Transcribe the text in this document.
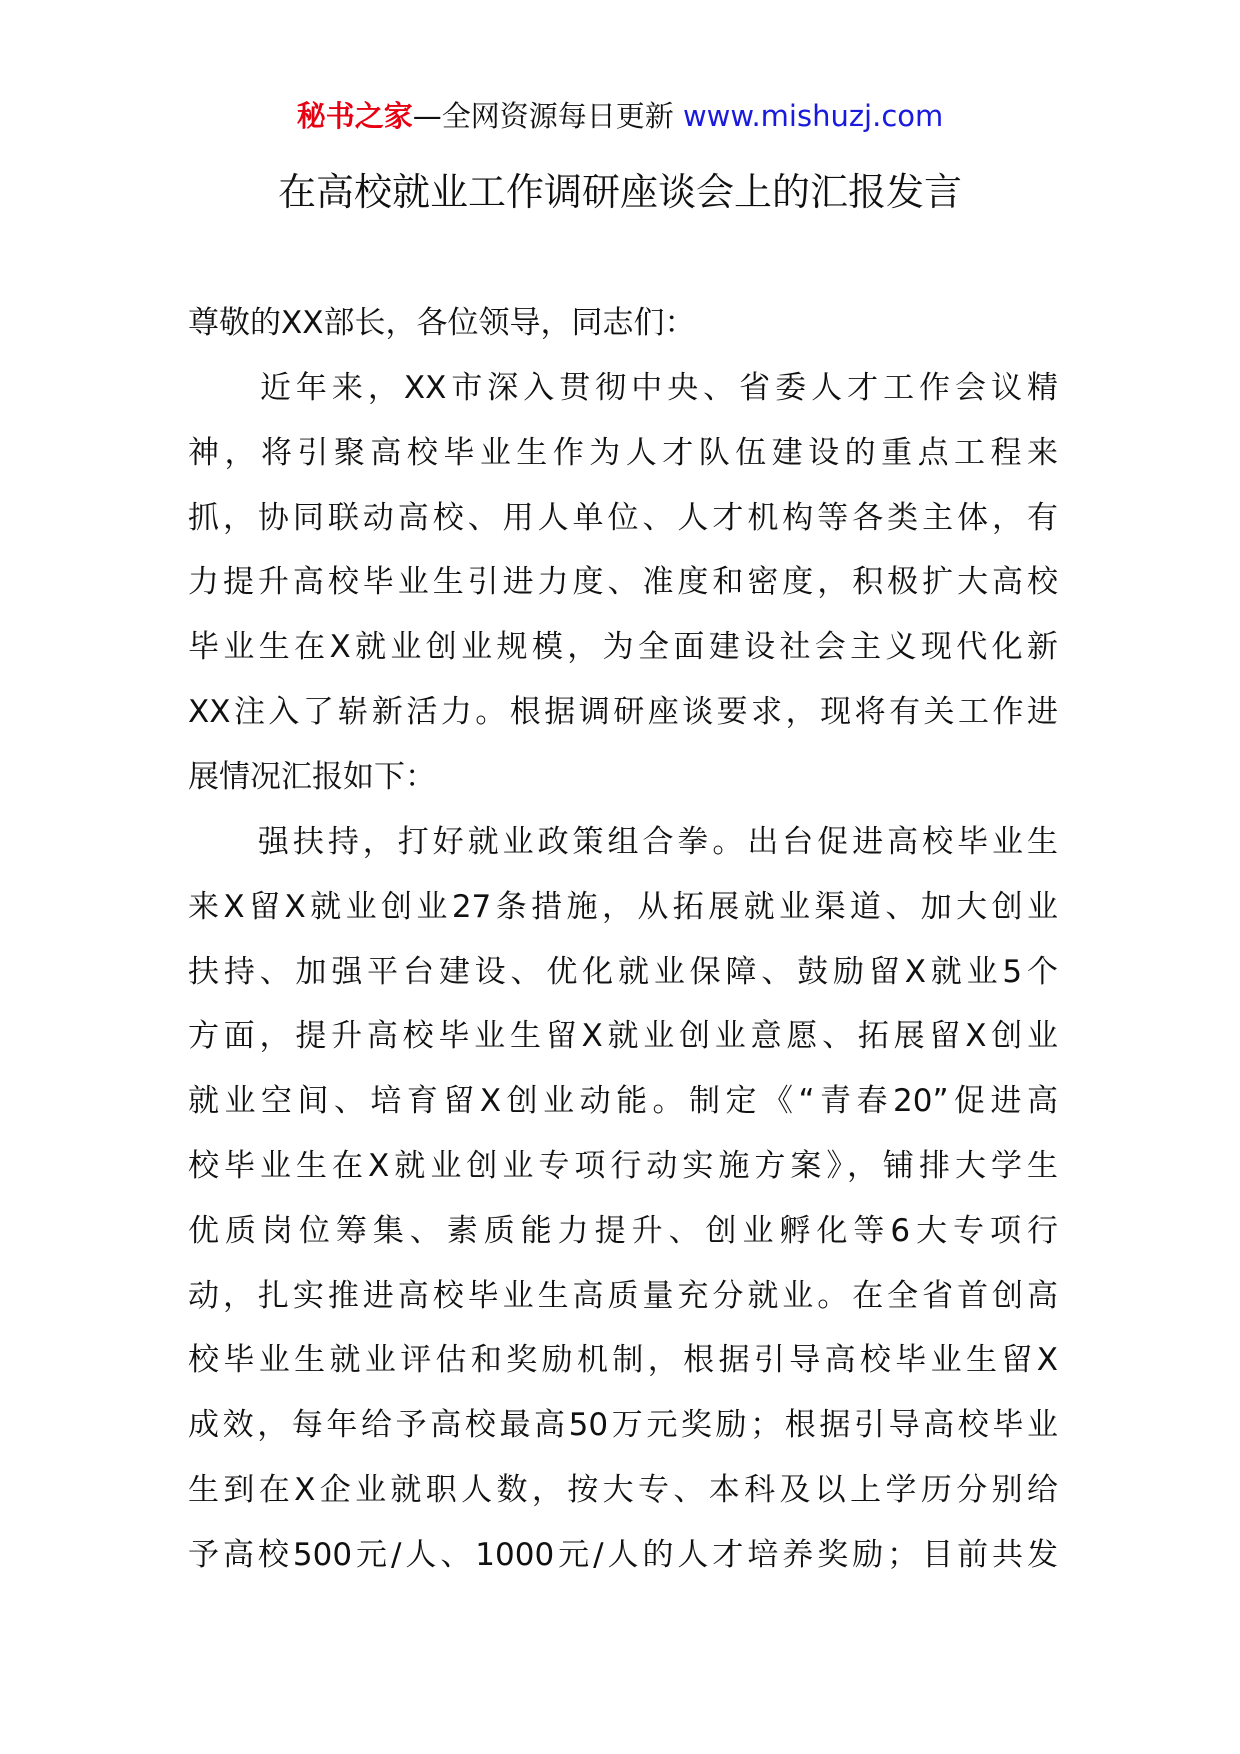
秘书之家—全网资源每日更新 www.mishuzj.com
在高校就业工作调研座谈会上的汇报发言
尊敬的XX部长，各位领导，同志们：
　　近年来，XX市深入贯彻中央、省委人才工作会议精
神，将引聚高校毕业生作为人才队伍建设的重点工程来
抓，协同联动高校、用人单位、人才机构等各类主体，有
力提升高校毕业生引进力度、准度和密度，积极扩大高校
毕业生在X就业创业规模，为全面建设社会主义现代化新
XX注入了崭新活力。根据调研座谈要求，现将有关工作进
展情况汇报如下：
　　强扶持，打好就业政策组合拳。出台促进高校毕业生
来X留X就业创业27条措施，从拓展就业渠道、加大创业
扶持、加强平台建设、优化就业保障、鼓励留X就业5个
方面，提升高校毕业生留X就业创业意愿、拓展留X创业
就业空间、培育留X创业动能。制定《“青春20”促进高
校毕业生在X就业创业专项行动实施方案》，铺排大学生
优质岗位筹集、素质能力提升、创业孵化等6大专项行
动，扎实推进高校毕业生高质量充分就业。在全省首创高
校毕业生就业评估和奖励机制，根据引导高校毕业生留X
成效，每年给予高校最高50万元奖励；根据引导高校毕业
生到在X企业就职人数，按大专、本科及以上学历分别给
予高校500元/人、1000元/人的人才培养奖励；目前共发
